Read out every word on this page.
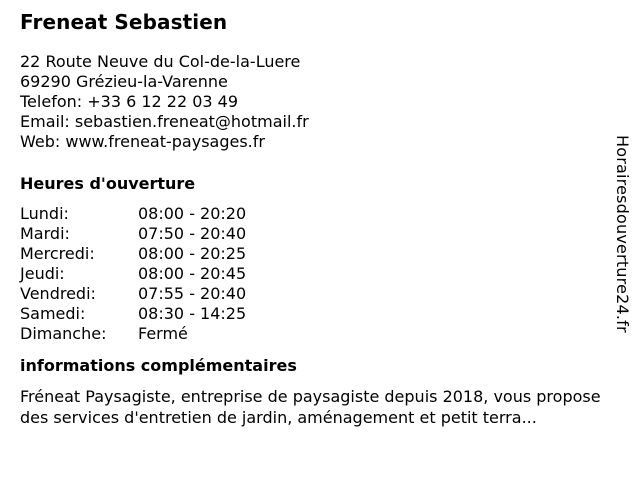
Freneat Sebastien
22 Route Neuve du Col-de-la-Luere
69290 Grézieu-la-Varenne
Telefon: +33 6 12 22 03 49
Email: sebastien.freneat@hotmail.fr
Web: www.freneat-paysages.fr
Heures d'ouverture
Lundi:	08:00 - 20:20
Mardi:	07:50 - 20:40
Mercredi:	08:00 - 20:25
Jeudi:	08:00 - 20:45
Vendredi:	07:55 - 20:40
Samedi:	08:30 - 14:25
Dimanche:	Fermé
informations complémentaires
Fréneat Paysagiste, entreprise de paysagiste depuis 2018, vous propose des services d'entretien de jardin, aménagement et petit terra...
Horairesdouverture24.fr
